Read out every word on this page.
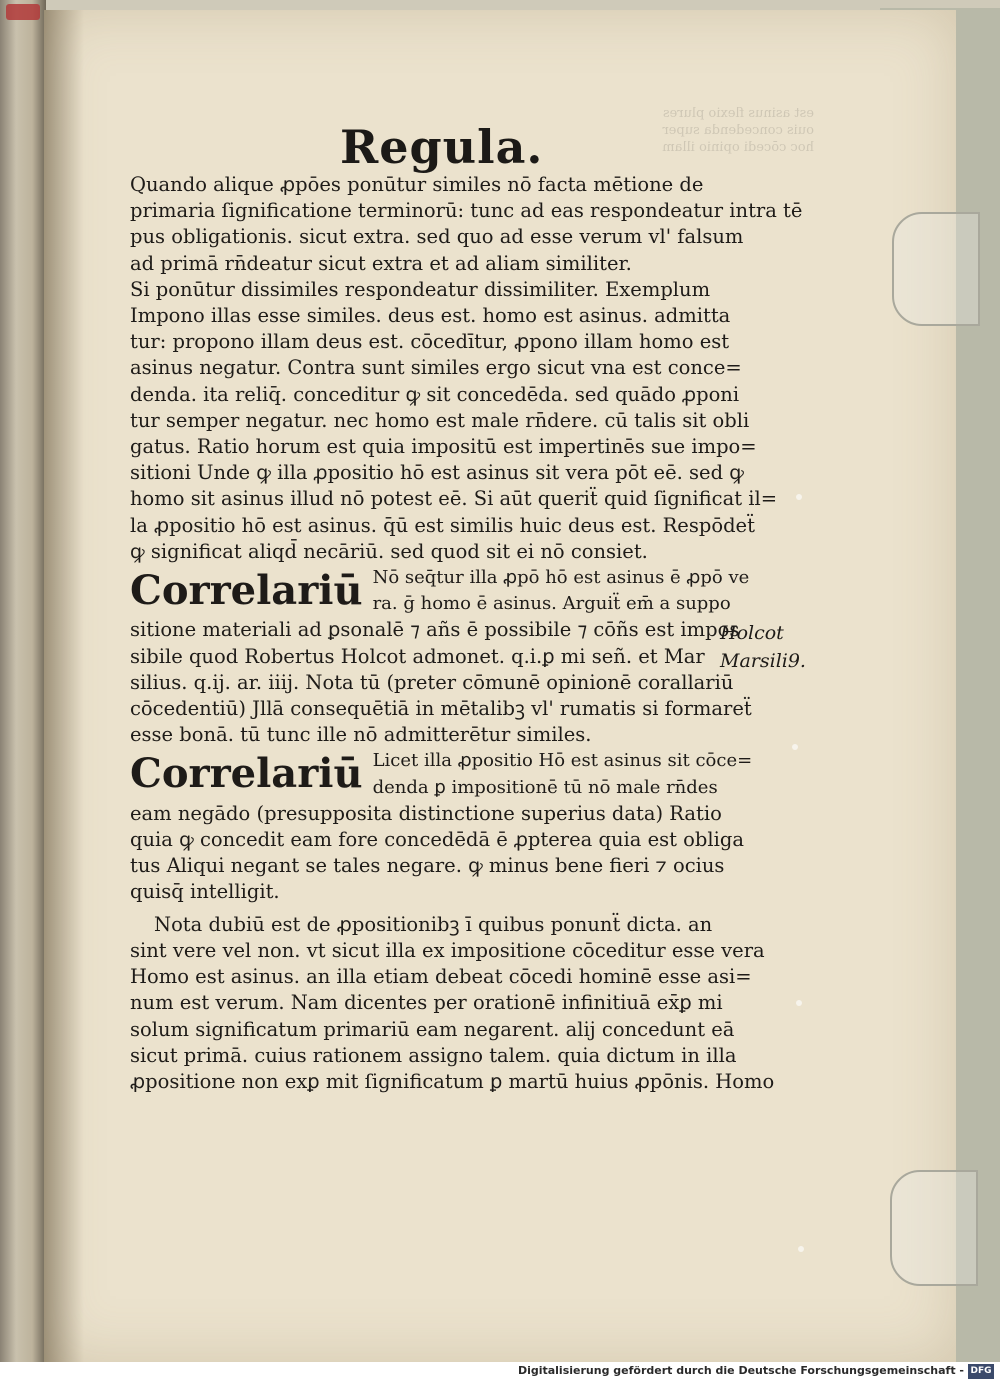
est asinus flexio plures
ouis concedenda super
hoc cōcedi opinio illam
Regula.
Quando alique ꝓpōes ponūtur similes nō facta mētione de
primaria ſignificatione terminorū: tunc ad eas respondeatur intra tē
pus obligationis. sicut extra. sed quo ad esse verum vl' falsum
ad primā rn̄deatur sicut extra et ad aliam similiter.
Si ponūtur dissimiles respondeatur dissimiliter. Exemplum
Impono illas esse similes. deus est. homo est asinus. admitta
tur: propono illam deus est. cōcedītur, ꝓpono illam homo est
asinus negatur. Contra sunt similes ergo sicut vna est conce=
denda. ita reliq̄. conceditur ꝙ sit concedēda. sed quādo ꝓponi
tur semper negatur. nec homo est male rn̄dere. cū talis sit obli
gatus. Ratio horum est quia impositū est impertinēs sue impo=
sitioni Unde ꝙ illa ꝓpositio hō est asinus sit vera pōt eē. sed ꝙ
homo sit asinus illud nō potest eē. Si aūt queriẗ quid ſignificat il=
la ꝓpositio hō est asinus. q̄ū est similis huic deus est. Respōdeẗ
ꝙ significat aliqd̄ necāriū. sed quod sit ei nō consiet.
Correlariū Nō seq̄tur illa ꝓpō hō est asinus ē ꝓpō ve
ra. ḡ homo ē asinus. Arguiẗ em̄ a suppo
sitione materiali ad ꝑsonalē ⁊ añs ē possibile ⁊ cōñs est impos
sibile quod Robertus Holcot admonet. q.i.ꝑ mi señ. et Mar
silius. q.ij. ar. iiij. Nota tū (preter cōmunē opinionē corallariū
cōcedentiū) Jllā consequētiā in mētalibꝫ vl' rumatis si formareẗ
esse bonā. tū tunc ille nō admitterētur similes.
Correlariū Licet illa ꝓpositio Hō est asinus sit cōce=
denda ꝑ impositionē tū nō male rn̄des
eam negādo (presupposita distinctione superius data) Ratio
quia ꝙ concedit eam fore concedēdā ē ꝓpterea quia est obliga
tus Aliqui negant se tales negare. ꝙ minus bene fieri ⁊ ocius
quisq̄ intelligit.
Nota dubiū est de ꝓpositionibꝫ ī quibus ponunẗ dicta. an
sint vere vel non. vt sicut illa ex impositione cōceditur esse vera
Homo est asinus. an illa etiam debeat cōcedi hominē esse asi=
num est verum. Nam dicentes per orationē infinitiuā ex̄ꝑ mi
solum significatum primariū eam negarent. alij concedunt eā
sicut primā. cuius rationem assigno talem. quia dictum in illa
ꝓpositione non exꝑ mit ſignificatum ꝑ martū huius ꝓpōnis. Homo
Holcot
Marsili9.
Digitalisierung gefördert durch die Deutsche Forschungsgemeinschaft - DFG
